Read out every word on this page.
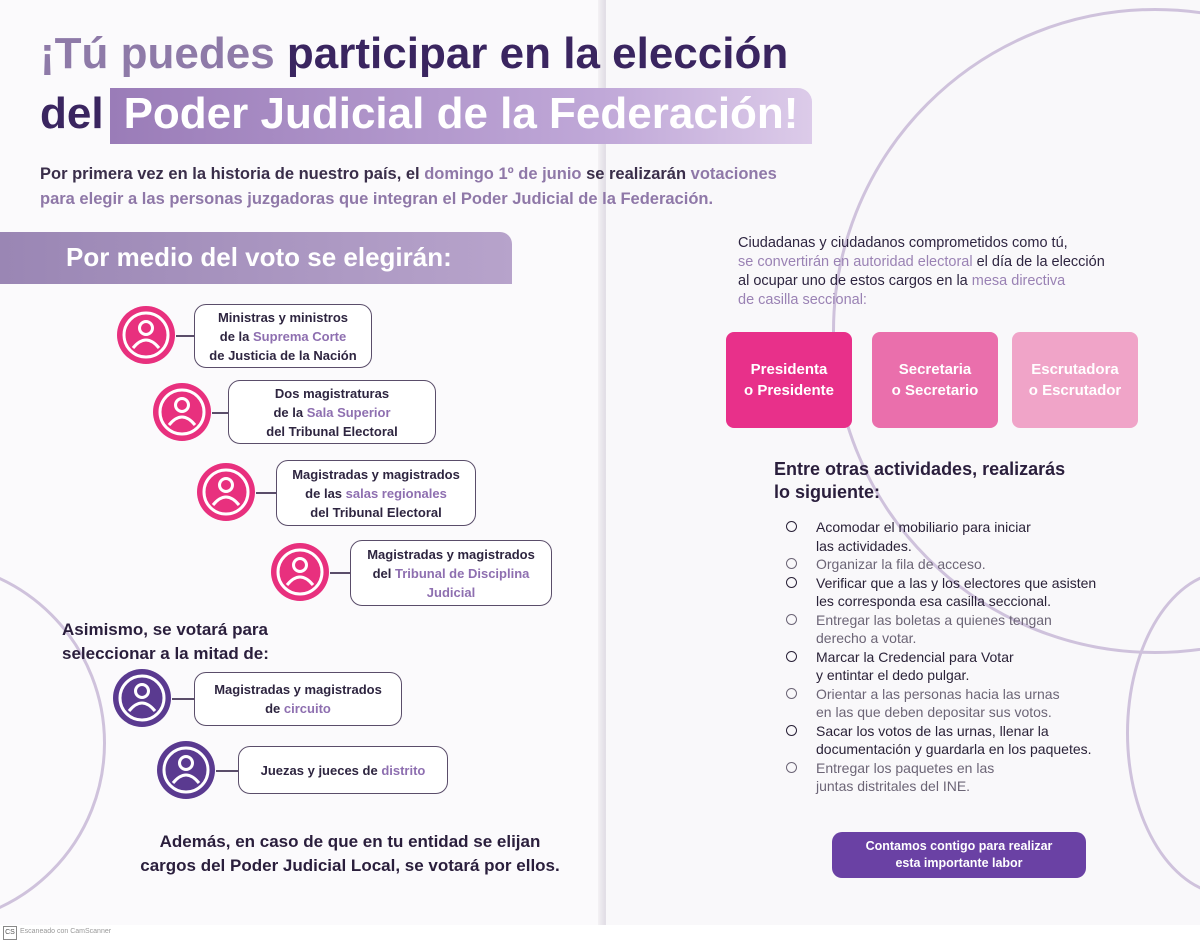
¡Tú puedes participar en la elección
del Poder Judicial de la Federación!
Por primera vez en la historia de nuestro país, el domingo 1º de junio se realizarán votaciones
para elegir a las personas juzgadoras que integran el Poder Judicial de la Federación.
Por medio del voto se elegirán:
Ministras y ministros
de la Suprema Corte
de Justicia de la Nación
Dos magistraturas
de la Sala Superior
del Tribunal Electoral
Magistradas y magistrados
de las salas regionales
del Tribunal Electoral
Magistradas y magistrados
del Tribunal de Disciplina
Judicial
Asimismo, se votará para
seleccionar a la mitad de:
Magistradas y magistrados
de circuito
Juezas y jueces de distrito
Además, en caso de que en tu entidad se elijan
cargos del Poder Judicial Local, se votará por ellos.
Ciudadanas y ciudadanos comprometidos como tú,
se convertirán en autoridad electoral el día de la elección
al ocupar uno de estos cargos en la mesa directiva
de casilla seccional:
Presidenta
o Presidente
Secretaria
o Secretario
Escrutadora
o Escrutador
Entre otras actividades, realizarás
lo siguiente:
Acomodar el mobiliario para iniciar
las actividades.
Organizar la fila de acceso.
Verificar que a las y los electores que asisten
les corresponda esa casilla seccional.
Entregar las boletas a quienes tengan
derecho a votar.
Marcar la Credencial para Votar
y entintar el dedo pulgar.
Orientar a las personas hacia las urnas
en las que deben depositar sus votos.
Sacar los votos de las urnas, llenar la
documentación y guardarla en los paquetes.
Entregar los paquetes en las
juntas distritales del INE.
Contamos contigo para realizar
esta importante labor
CS Escaneado con CamScanner
